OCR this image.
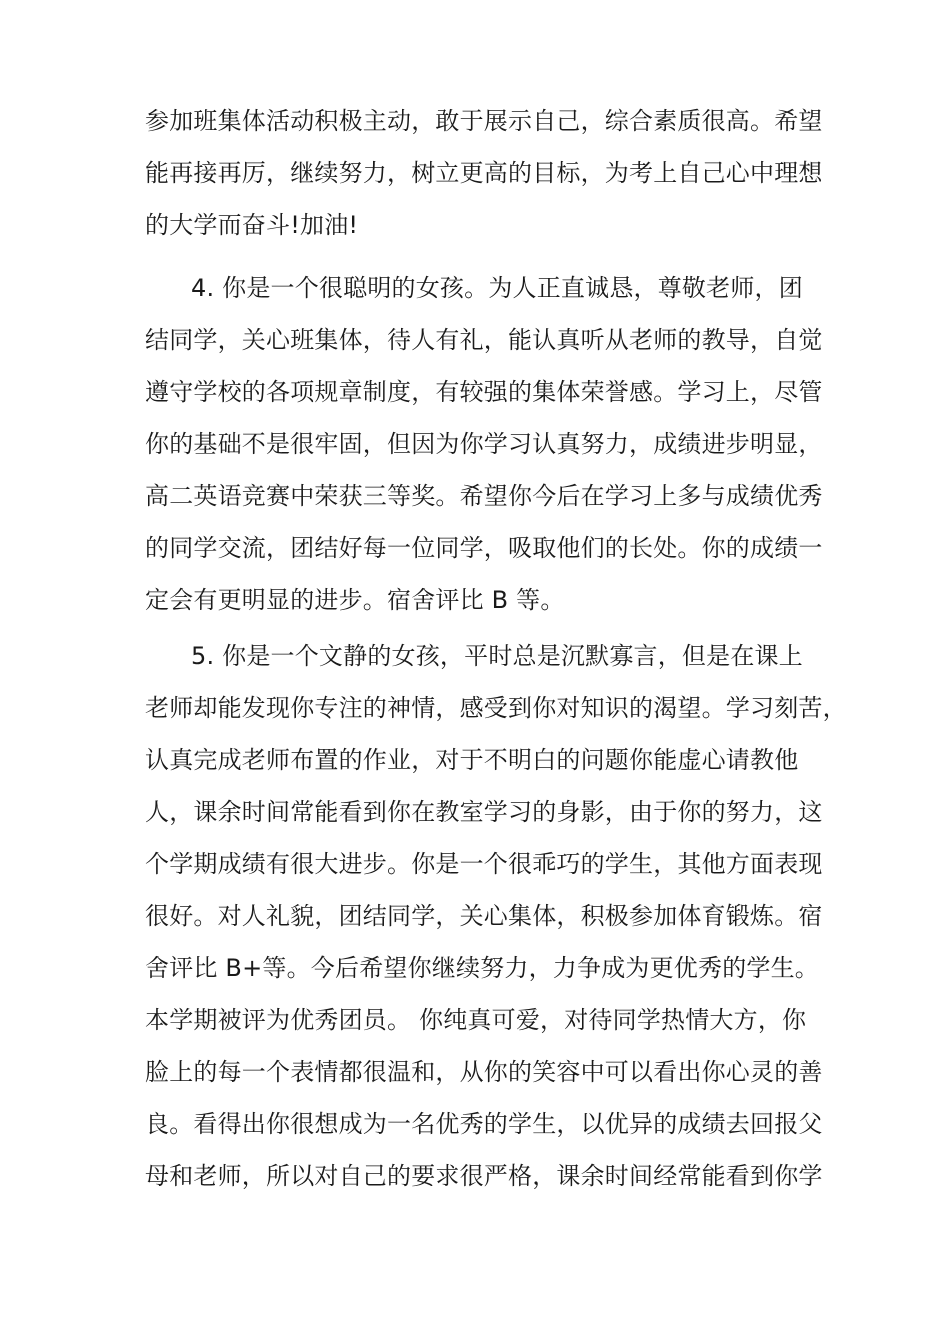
参加班集体活动积极主动，敢于展示自己，综合素质很高。希望
能再接再厉，继续努力，树立更高的目标，为考上自己心中理想
的大学而奋斗!加油!
4. 你是一个很聪明的女孩。为人正直诚恳，尊敬老师，团
结同学，关心班集体，待人有礼，能认真听从老师的教导，自觉
遵守学校的各项规章制度，有较强的集体荣誉感。学习上，尽管
你的基础不是很牢固，但因为你学习认真努力，成绩进步明显，
高二英语竞赛中荣获三等奖。希望你今后在学习上多与成绩优秀
的同学交流，团结好每一位同学，吸取他们的长处。你的成绩一
定会有更明显的进步。宿舍评比 B 等。
5. 你是一个文静的女孩，平时总是沉默寡言，但是在课上
老师却能发现你专注的神情，感受到你对知识的渴望。学习刻苦，
认真完成老师布置的作业，对于不明白的问题你能虚心请教他
人，课余时间常能看到你在教室学习的身影，由于你的努力，这
个学期成绩有很大进步。你是一个很乖巧的学生，其他方面表现
很好。对人礼貌，团结同学，关心集体，积极参加体育锻炼。宿
舍评比 B+等。今后希望你继续努力，力争成为更优秀的学生。
本学期被评为优秀团员。 你纯真可爱，对待同学热情大方，你
脸上的每一个表情都很温和，从你的笑容中可以看出你心灵的善
良。看得出你很想成为一名优秀的学生，以优异的成绩去回报父
母和老师，所以对自己的要求很严格，课余时间经常能看到你学
